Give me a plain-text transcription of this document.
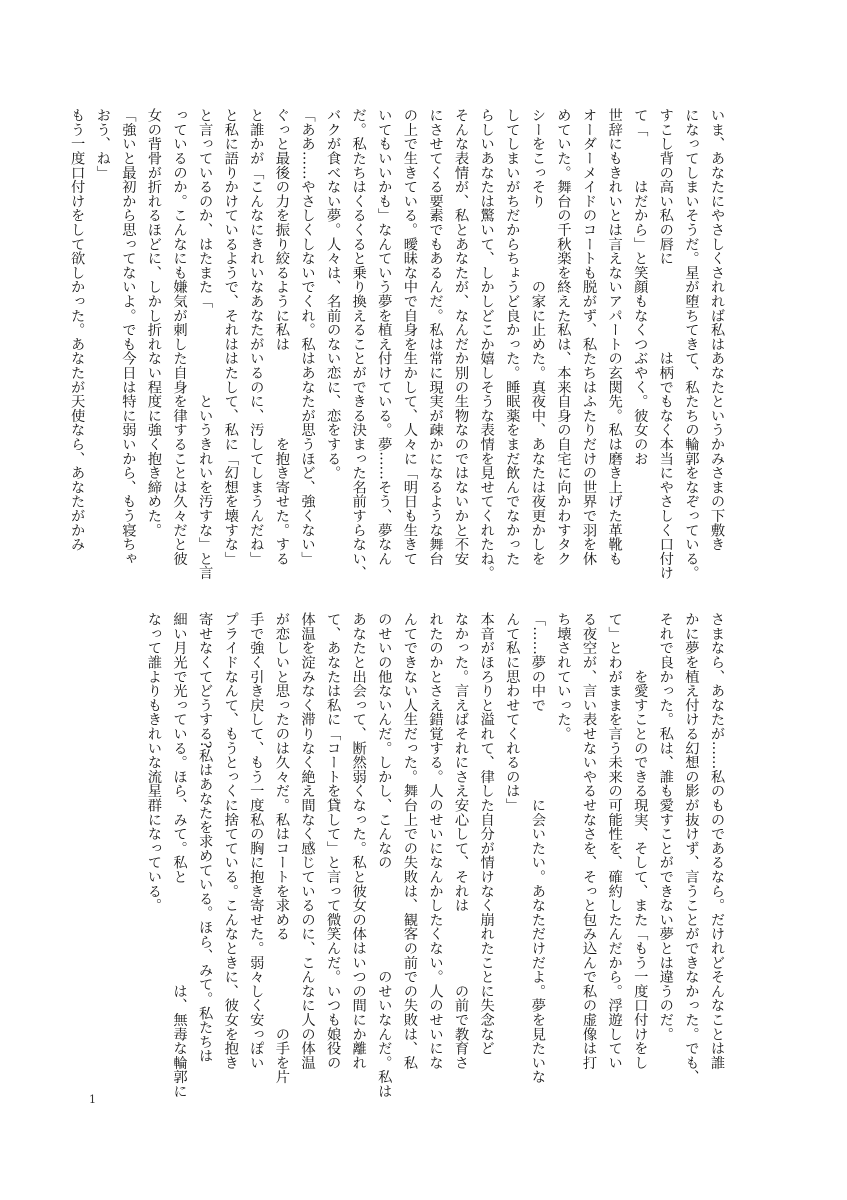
いま、あなたにやさしくされれば私はあなたというかみさまの下敷き

になってしまいそうだ。星が堕ちてきて、私たちの輪郭をなぞっている。

すこし背の高い私の唇に　　　　　　は柄でもなく本当にやさしく口付け

て「　　　はだから」と笑顔もなくつぶやく。彼女のお

世辞にもきれいとは言えないアパートの玄関先。私は磨き上げた革靴も

オーダーメイドのコートも脱がず、私たちはふたりだけの世界で羽を休

めていた。舞台の千秋楽を終えた私は、本来自身の自宅に向かわすタク

シーをこっそり　　　　　の家に止めた。真夜中、あなたは夜更かしを

してしまいがちだからちょうど良かった。睡眠薬をまだ飲んでなかった

らしいあなたは驚いて、しかしどこか嬉しそうな表情を見せてくれたね。

そんな表情が、私とあなたが、なんだか別の生物なのではないかと不安

にさせてくる要素でもあるんだ。私は常に現実が疎かになるような舞台

の上で生きている。曖昧な中で自身を生かして、人々に「明日も生きて

いてもいいかも」なんていう夢を植え付けている。夢……そう、夢なん

だ。私たちはくるくると乗り換えることができる決まった名前すらない、

バクが食べない夢。人々は、名前のない恋に、恋をする。

「ああ……やさしくしないでくれ。私はあなたが思うほど、強くない」

ぐっと最後の力を振り絞るように私は　　　　　　を抱き寄せた。する

と誰かが「こんなにきれいなあなたがいるのに、汚してしまうんだね」

と私に語りかけているようで、それははたして、私に「幻想を壊すな」

と言っているのか、はたまた「　　　　　　というきれいを汚すな」と言

っているのか。こんなにも嫌気が刺した自身を律することは久々だと彼

女の背骨が折れるほどに、しかし折れない程度に強く抱き締めた。

「強いと最初から思ってないよ。でも今日は特に弱いから、もう寝ちゃ

おう、ね」

もう一度口付けをして欲しかった。あなたが天使なら、あなたがかみ

さまなら、あなたが……私のものであるなら。だけれどそんなことは誰

かに夢を植え付ける幻想の影が抜けず、言うことができなかった。でも、

それで良かった。私は、誰も愛すことができない夢とは違うのだ。

　　　　を愛すことのできる現実、そして、また「もう一度口付けをし

て」とわがままを言う未来の可能性を、確約したんだから。浮遊してい

る夜空が、言い表せないやるせなさを、そっと包み込んで私の虚像は打

ち壊されていった。

「……夢の中で　　　　　　に会いたい。あなただけだよ。夢を見たいな

んて私に思わせてくれるのは」

本音がほろりと溢れて、律した自分が情けなく崩れたことに失念など

なかった。言えばそれにさえ安心して、それは　　　　　の前で教育さ

れたのかとさえ錯覚する。人のせいになんかしたくない。人のせいにな

んてできない人生だった。舞台上での失敗は、観客の前での失敗は、私

のせいの他ないんだ。しかし、こんなの　　　　　　　のせいなんだ。私は

あなたと出会って、断然弱くなった。私と彼女の体はいつの間にか離れ

て、あなたは私に「コートを貸して」と言って微笑んだ。いつも娘役の

体温を淀みなく滞りなく絶え間なく感じているのに、こんなに人の体温

が恋しいと思ったのは久々だ。私はコートを求める　　　　　　の手を片

手で強く引き戻して、もう一度私の胸に抱き寄せた。弱々しく安っぽい

プライドなんて、もうとっくに捨てている。こんなときに、彼女を抱き

寄せなくてどうする?私はあなたを求めている。ほら、みて。私たちは

細い月光で光っている。ほら、みて。私と　　　　　　　は、無毒な輪郭に

なって誰よりもきれいな流星群になっている。

1
